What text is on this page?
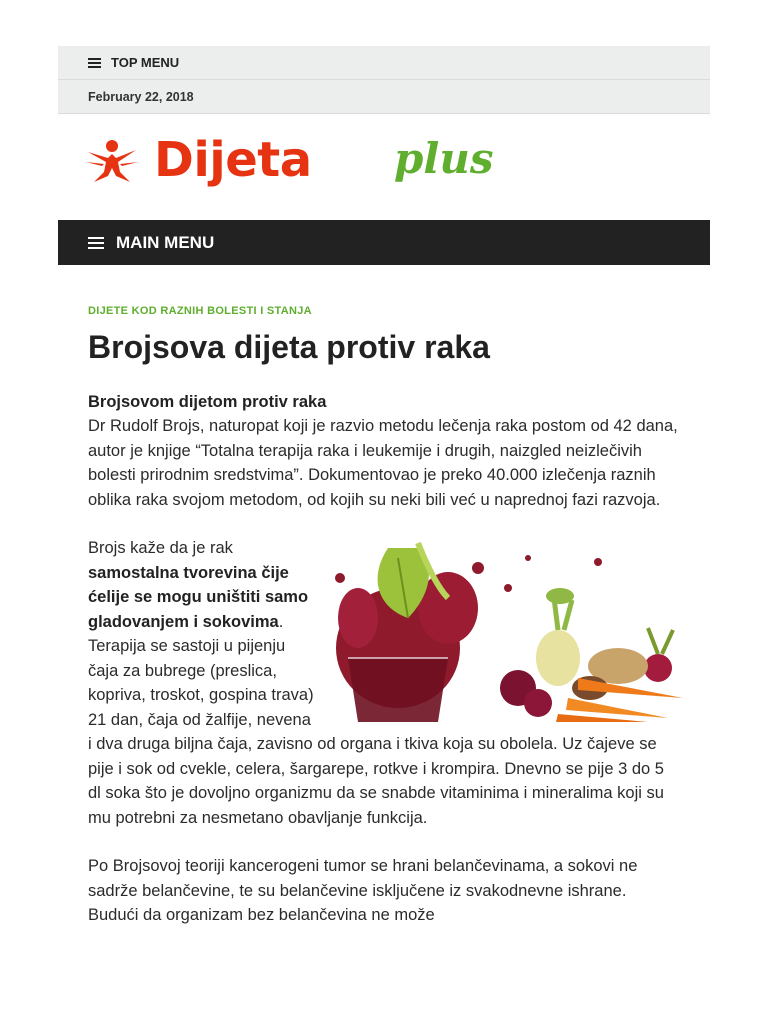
TOP MENU
February 22, 2018
Dijeta plus
MAIN MENU
DIJETE KOD RAZNIH BOLESTI I STANJA
Brojsova dijeta protiv raka

Brojsovom dijetom protiv raka
Dr Rudolf Brojs, naturopat koji je razvio metodu lečenja raka postom od 42 dana, autor je knjige “Totalna terapija raka i leukemije i drugih, naizgled neizlečivih bolesti prirodnim sredstvima”. Dokumentovao je preko 40.000 izlečenja raznih oblika raka svojom metodom, od kojih su neki bili već u naprednoj fazi razvoja.

Brojs kaže da je rak samostalna tvorevina čije ćelije se mogu uništiti samo gladovanjem i sokovima. Terapija se sastoji u pijenju čaja za bubrege (preslica, kopriva, troskot, gospina trava) 21 dan, čaja od žalfije, nevena i dva druga biljna čaja, zavisno od organa i tkiva koja su obolela. Uz čajeve se pije i sok od cvekle, celera, šargarepe, rotkve i krompira. Dnevno se pije 3 do 5 dl soka što je dovoljno organizmu da se snabde vitaminima i mineralima koji su mu potrebni za nesmetano obavljanje funkcija.

Po Brojsovoj teoriji kancerogeni tumor se hrani belančevinama, a sokovi ne sadrže belančevine, te su belančevine isključene iz svakodnevne ishrane. Budući da organizam bez belančevina ne može
